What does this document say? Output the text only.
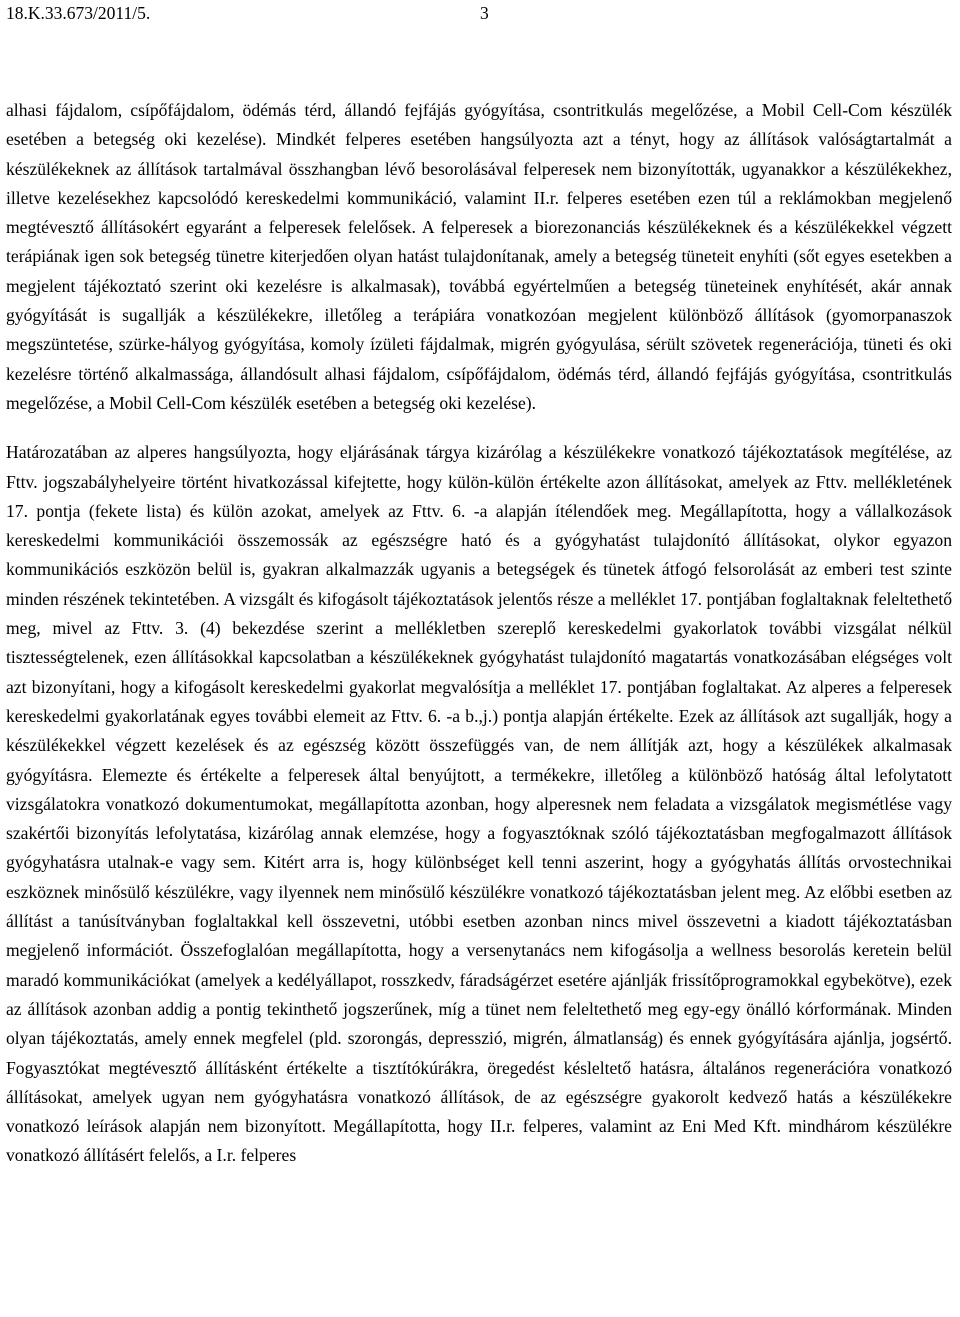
18.K.33.673/2011/5.	3

alhasi fájdalom, csípőfájdalom, ödémás térd, állandó fejfájás gyógyítása, csontritkulás megelőzése, a Mobil Cell-Com készülék esetében a betegség oki kezelése). Mindkét felperes esetében hangsúlyozta azt a tényt, hogy az állítások valóságtartalmát a készülékeknek az állítások tartalmával összhangban lévő besorolásával felperesek nem bizonyították, ugyanakkor a készülékekhez, illetve kezelésekhez kapcsolódó kereskedelmi kommunikáció, valamint II.r. felperes esetében ezen túl a reklámokban megjelenő megtévesztő állításokért egyaránt a felperesek felelősek. A felperesek a biorezonanciás készülékeknek és a készülékekkel végzett terápiának igen sok betegség tünetre kiterjedően olyan hatást tulajdonítanak, amely a betegség tüneteit enyhíti (sőt egyes esetekben a megjelent tájékoztató szerint oki kezelésre is alkalmasak), továbbá egyértelműen a betegség tüneteinek enyhítését, akár annak gyógyítását is sugallják a készülékekre, illetőleg a terápiára vonatkozóan megjelent különböző állítások (gyomorpanaszok megszüntetése, szürke-hályog gyógyítása, komoly ízületi fájdalmak, migrén gyógyulása, sérült szövetek regenerációja, tüneti és oki kezelésre történő alkalmassága, állandósult alhasi fájdalom, csípőfájdalom, ödémás térd, állandó fejfájás gyógyítása, csontritkulás megelőzése, a Mobil Cell-Com készülék esetében a betegség oki kezelése).

Határozatában az alperes hangsúlyozta, hogy eljárásának tárgya kizárólag a készülékekre vonatkozó tájékoztatások megítélése, az Fttv. jogszabályhelyeire történt hivatkozással kifejtette, hogy külön-külön értékelte azon állításokat, amelyek az Fttv. mellékletének 17. pontja (fekete lista) és külön azokat, amelyek az Fttv. 6. -a alapján ítélendőek meg. Megállapította, hogy a vállalkozások kereskedelmi kommunikációi összemossák az egészségre ható és a gyógyhatást tulajdonító állításokat, olykor egyazon kommunikációs eszközön belül is, gyakran alkalmazzák ugyanis a betegségek és tünetek átfogó felsorolását az emberi test szinte minden részének tekintetében. A vizsgált és kifogásolt tájékoztatások jelentős része a melléklet 17. pontjában foglaltaknak feleltethető meg, mivel az Fttv. 3. (4) bekezdése szerint a mellékletben szereplő kereskedelmi gyakorlatok további vizsgálat nélkül tisztességtelenek, ezen állításokkal kapcsolatban a készülékeknek gyógyhatást tulajdonító magatartás vonatkozásában elégséges volt azt bizonyítani, hogy a kifogásolt kereskedelmi gyakorlat megvalósítja a melléklet 17. pontjában foglaltakat. Az alperes a felperesek kereskedelmi gyakorlatának egyes további elemeit az Fttv. 6. -a b.,j.) pontja alapján értékelte. Ezek az állítások azt sugallják, hogy a készülékekkel végzett kezelések és az egészség között összefüggés van, de nem állítják azt, hogy a készülékek alkalmasak gyógyításra. Elemezte és értékelte a felperesek által benyújtott, a termékekre, illetőleg a különböző hatóság által lefolytatott vizsgálatokra vonatkozó dokumentumokat, megállapította azonban, hogy alperesnek nem feladata a vizsgálatok megismétlése vagy szakértői bizonyítás lefolytatása, kizárólag annak elemzése, hogy a fogyasztóknak szóló tájékoztatásban megfogalmazott állítások gyógyhatásra utalnak-e vagy sem. Kitért arra is, hogy különbséget kell tenni aszerint, hogy a gyógyhatás állítás orvostechnikai eszköznek minősülő készülékre, vagy ilyennek nem minősülő készülékre vonatkozó tájékoztatásban jelent meg. Az előbbi esetben az állítást a tanúsítványban foglaltakkal kell összevetni, utóbbi esetben azonban nincs mivel összevetni a kiadott tájékoztatásban megjelenő információt. Összefoglalóan megállapította, hogy a versenytanács nem kifogásolja a wellness besorolás keretein belül maradó kommunikációkat (amelyek a kedélyállapot, rosszkedv, fáradságérzet esetére ajánlják frissítőprogramokkal egybekötve), ezek az állítások azonban addig a pontig tekinthető jogszerűnek, míg a tünet nem feleltethető meg egy-egy önálló kórformának. Minden olyan tájékoztatás, amely ennek megfelel (pld. szorongás, depresszió, migrén, álmatlanság) és ennek gyógyítására ajánlja, jogsértő. Fogyasztókat megtévesztő állításként értékelte a tisztítókúrákra, öregedést késleltető hatásra, általános regenerációra vonatkozó állításokat, amelyek ugyan nem gyógyhatásra vonatkozó állítások, de az egészségre gyakorolt kedvező hatás a készülékekre vonatkozó leírások alapján nem bizonyított. Megállapította, hogy II.r. felperes, valamint az Eni Med Kft. mindhárom készülékre vonatkozó állításért felelős, a I.r. felperes
